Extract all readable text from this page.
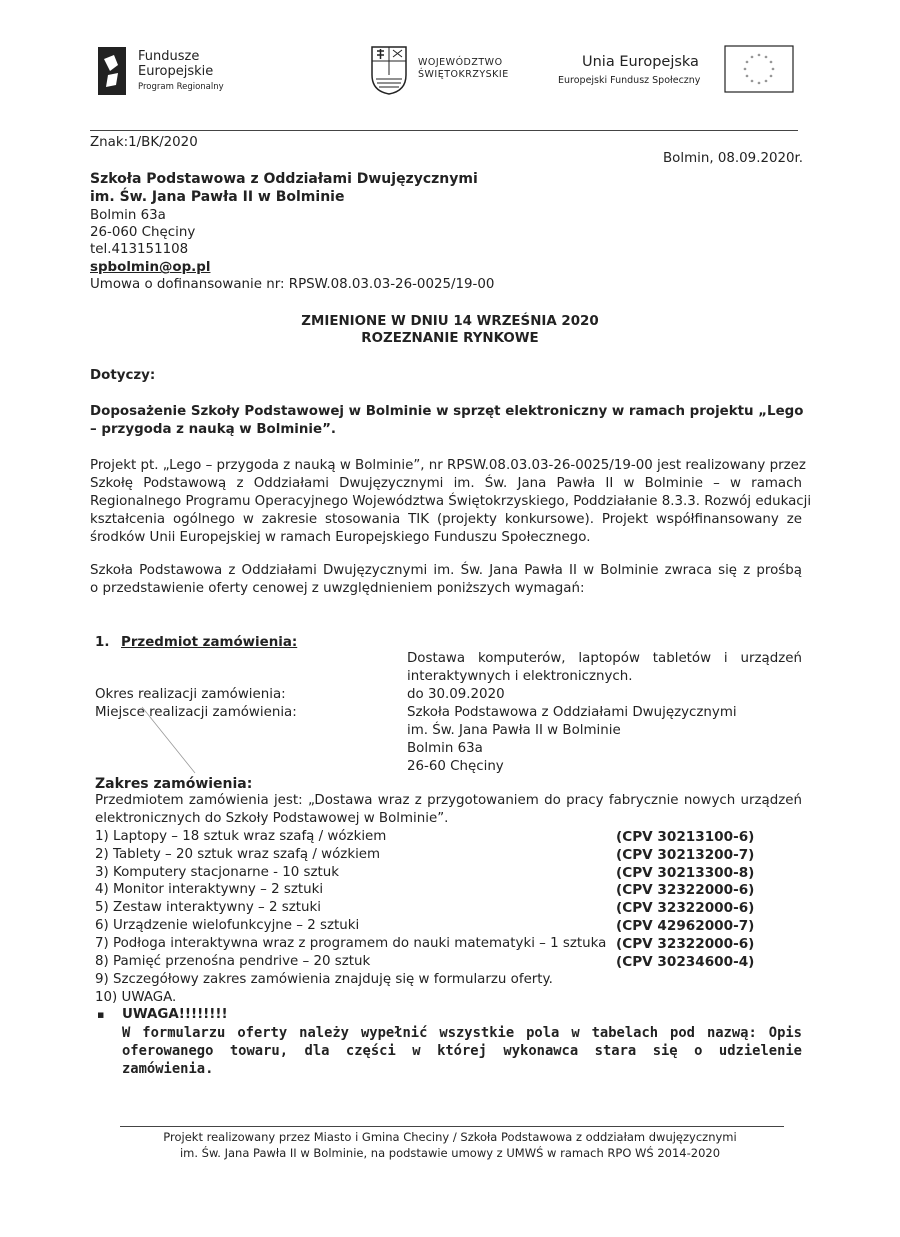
Fundusze
Europejskie
Program Regionalny
WOJEWÓDZTWO
ŚWIĘTOKRZYSKIE
Unia Europejska
Europejski Fundusz Społeczny
* *
*
*
*
*
*
*
*
*
*
*
Znak:1/BK/2020
Bolmin, 08.09.2020r.
Szkoła Podstawowa z Oddziałami Dwujęzycznymi
im. Św. Jana Pawła II w Bolminie
Bolmin 63a
26-060 Chęciny
tel.413151108
spbolmin@op.pl
Umowa o dofinansowanie nr: RPSW.08.03.03-26-0025/19-00
ZMIENIONE W DNIU 14 WRZEŚNIA 2020
ROZEZNANIE RYNKOWE
Dotyczy:
Doposażenie Szkoły Podstawowej w Bolminie w sprzęt elektroniczny w ramach projektu „Lego
– przygoda z nauką w Bolminie”.
Projekt pt. „Lego – przygoda z nauką w Bolminie”, nr RPSW.08.03.03-26-0025/19-00 jest realizowany przez
Szkołę Podstawową z Oddziałami Dwujęzycznymi im. Św. Jana Pawła II w Bolminie – w ramach
Regionalnego Programu Operacyjnego Województwa Świętokrzyskiego, Poddziałanie 8.3.3. Rozwój edukacji
kształcenia ogólnego w zakresie stosowania TIK (projekty konkursowe). Projekt współfinansowany ze
środków Unii Europejskiej w ramach Europejskiego Funduszu Społecznego.
Szkoła Podstawowa z Oddziałami Dwujęzycznymi im. Św. Jana Pawła II w Bolminie zwraca się z prośbą
o przedstawienie oferty cenowej z uwzględnieniem poniższych wymagań:
1. Przedmiot zamówienia:
Dostawa komputerów, laptopów tabletów i urządzeń
interaktywnych i elektronicznych.
Okres realizacji zamówienia:	do 30.09.2020
Miejsce realizacji zamówienia:	Szkoła Podstawowa z Oddziałami Dwujęzycznymi
im. Św. Jana Pawła II w Bolminie
Bolmin 63a
26-60 Chęciny
Zakres zamówienia:
Przedmiotem zamówienia jest: „Dostawa wraz z przygotowaniem do pracy fabrycznie nowych urządzeń
elektronicznych do Szkoły Podstawowej w Bolminie”.
1) Laptopy – 18 sztuk wraz szafą / wózkiem	(CPV 30213100-6)
2) Tablety – 20 sztuk wraz szafą / wózkiem	(CPV 30213200-7)
3) Komputery stacjonarne - 10 sztuk	(CPV 30213300-8)
4) Monitor interaktywny – 2 sztuki	(CPV 32322000-6)
5) Zestaw interaktywny – 2 sztuki	(CPV 32322000-6)
6) Urządzenie wielofunkcyjne – 2 sztuki	(CPV 42962000-7)
7) Podłoga interaktywna wraz z programem do nauki matematyki – 1 sztuka (CPV 32322000-6)
8) Pamięć przenośna pendrive – 20 sztuk	(CPV 30234600-4)
9) Szczegółowy zakres zamówienia znajduję się w formularzu oferty.
10) UWAGA.
▪ UWAGA!!!!!!!!
W formularzu oferty należy wypełnić wszystkie pola w tabelach pod nazwą: Opis
oferowanego towaru, dla części w której wykonawca stara się o udzielenie
zamówienia.
Projekt realizowany przez Miasto i Gmina Checiny / Szkoła Podstawowa z oddziałam dwujęzycznymi
im. Św. Jana Pawła II w Bolminie, na podstawie umowy z UMWŚ w ramach RPO WŚ 2014-2020
